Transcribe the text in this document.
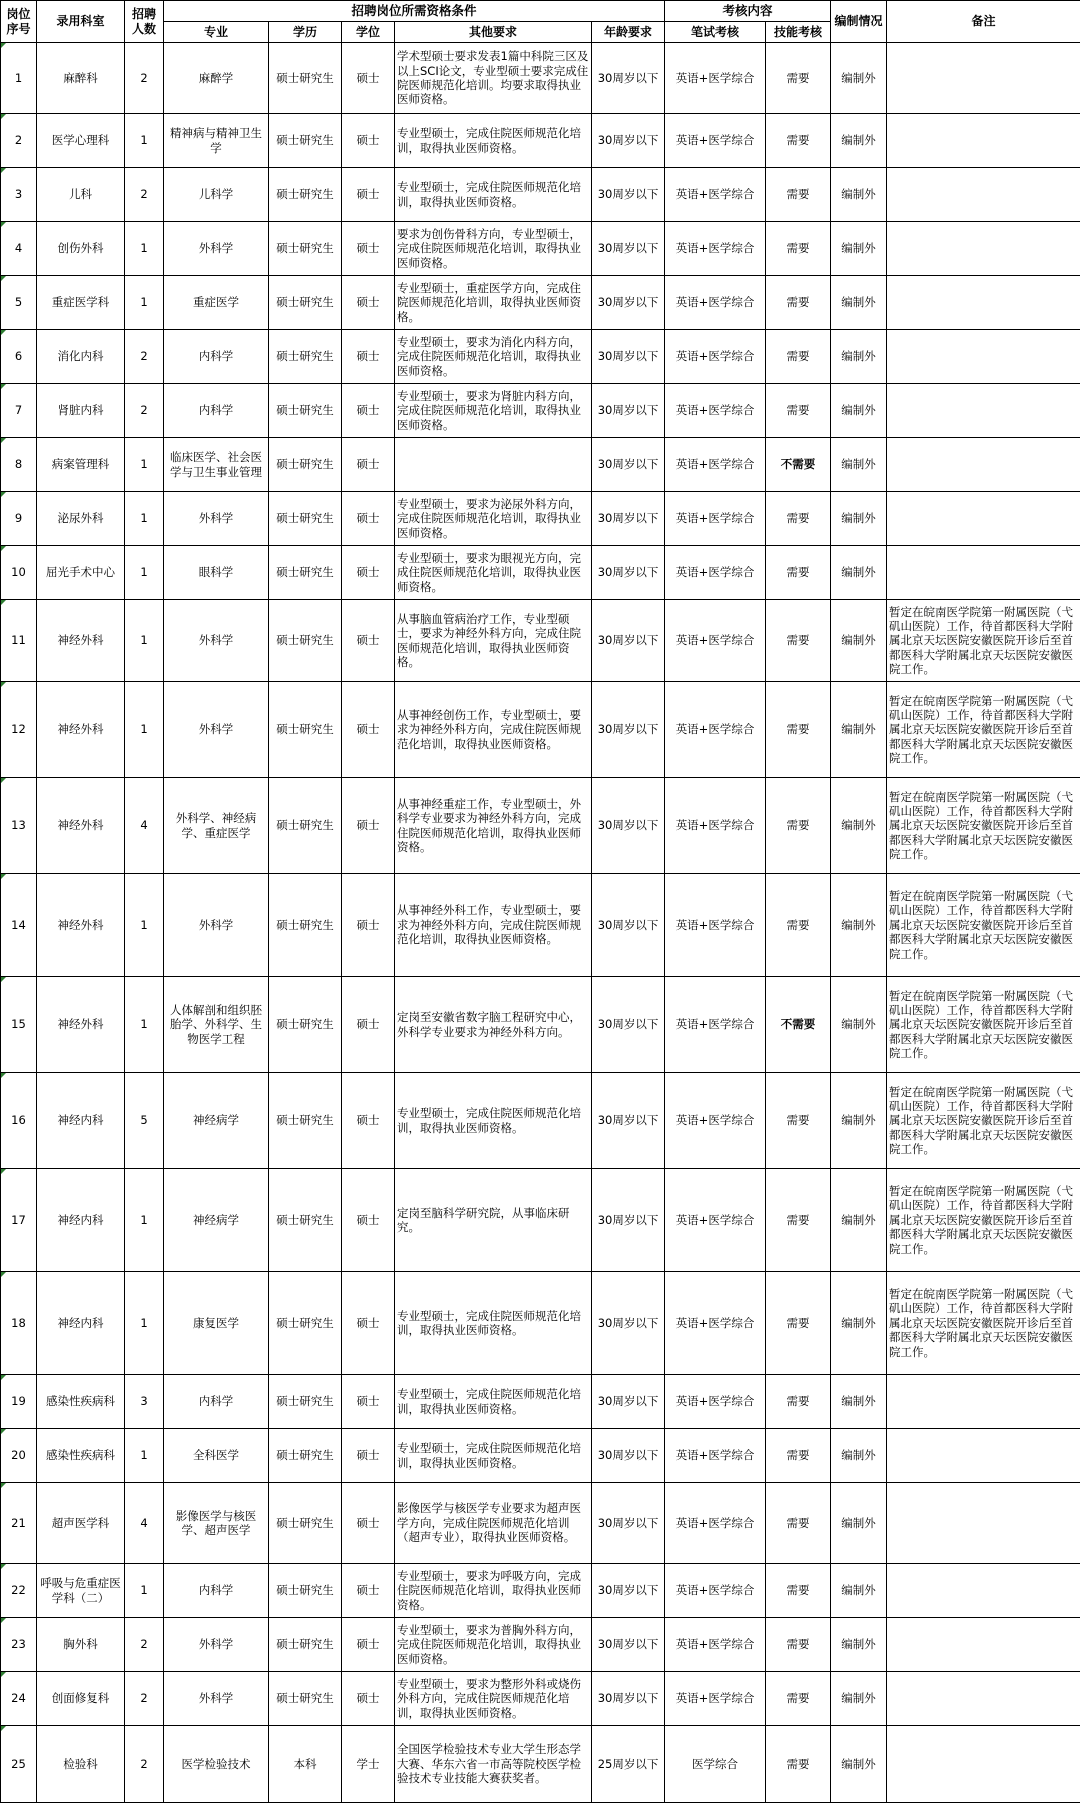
岗位序号	录用科室	招聘人数	招聘岗位所需资格条件					考核内容		编制情况	备注
			专业	学历	学位	其他要求	年龄要求	笔试考核	技能考核		
1	麻醉科	2	麻醉学	硕士研究生	硕士	学术型硕士要求发表1篇中科院三区及以上SCI论文，专业型硕士要求完成住院医师规范化培训。均要求取得执业医师资格。	30周岁以下	英语+医学综合	需要	编制外	
2	医学心理科	1	精神病与精神卫生学	硕士研究生	硕士	专业型硕士，完成住院医师规范化培训，取得执业医师资格。	30周岁以下	英语+医学综合	需要	编制外	
3	儿科	2	儿科学	硕士研究生	硕士	专业型硕士，完成住院医师规范化培训，取得执业医师资格。	30周岁以下	英语+医学综合	需要	编制外	
4	创伤外科	1	外科学	硕士研究生	硕士	要求为创伤骨科方向，专业型硕士，完成住院医师规范化培训，取得执业医师资格。	30周岁以下	英语+医学综合	需要	编制外	
5	重症医学科	1	重症医学	硕士研究生	硕士	专业型硕士，重症医学方向，完成住院医师规范化培训，取得执业医师资格。	30周岁以下	英语+医学综合	需要	编制外	
6	消化内科	2	内科学	硕士研究生	硕士	专业型硕士，要求为消化内科方向，完成住院医师规范化培训，取得执业医师资格。	30周岁以下	英语+医学综合	需要	编制外	
7	肾脏内科	2	内科学	硕士研究生	硕士	专业型硕士，要求为肾脏内科方向，完成住院医师规范化培训，取得执业医师资格。	30周岁以下	英语+医学综合	需要	编制外	
8	病案管理科	1	临床医学、社会医学与卫生事业管理	硕士研究生	硕士		30周岁以下	英语+医学综合	不需要	编制外	
9	泌尿外科	1	外科学	硕士研究生	硕士	专业型硕士，要求为泌尿外科方向，完成住院医师规范化培训，取得执业医师资格。	30周岁以下	英语+医学综合	需要	编制外	
10	屈光手术中心	1	眼科学	硕士研究生	硕士	专业型硕士，要求为眼视光方向，完成住院医师规范化培训，取得执业医师资格。	30周岁以下	英语+医学综合	需要	编制外	
11	神经外科	1	外科学	硕士研究生	硕士	从事脑血管病治疗工作，专业型硕士，要求为神经外科方向，完成住院医师规范化培训，取得执业医师资格。	30周岁以下	英语+医学综合	需要	编制外	暂定在皖南医学院第一附属医院（弋矶山医院）工作，待首都医科大学附属北京天坛医院安徽医院开诊后至首都医科大学附属北京天坛医院安徽医院工作。
12	神经外科	1	外科学	硕士研究生	硕士	从事神经创伤工作，专业型硕士，要求为神经外科方向，完成住院医师规范化培训，取得执业医师资格。	30周岁以下	英语+医学综合	需要	编制外	暂定在皖南医学院第一附属医院（弋矶山医院）工作，待首都医科大学附属北京天坛医院安徽医院开诊后至首都医科大学附属北京天坛医院安徽医院工作。
13	神经外科	4	外科学、神经病学、重症医学	硕士研究生	硕士	从事神经重症工作，专业型硕士，外科学专业要求为神经外科方向，完成住院医师规范化培训，取得执业医师资格。	30周岁以下	英语+医学综合	需要	编制外	暂定在皖南医学院第一附属医院（弋矶山医院）工作，待首都医科大学附属北京天坛医院安徽医院开诊后至首都医科大学附属北京天坛医院安徽医院工作。
14	神经外科	1	外科学	硕士研究生	硕士	从事神经外科工作，专业型硕士，要求为神经外科方向，完成住院医师规范化培训，取得执业医师资格。	30周岁以下	英语+医学综合	需要	编制外	暂定在皖南医学院第一附属医院（弋矶山医院）工作，待首都医科大学附属北京天坛医院安徽医院开诊后至首都医科大学附属北京天坛医院安徽医院工作。
15	神经外科	1	人体解剖和组织胚胎学、外科学、生物医学工程	硕士研究生	硕士	定岗至安徽省数字脑工程研究中心，外科学专业要求为神经外科方向。	30周岁以下	英语+医学综合	不需要	编制外	暂定在皖南医学院第一附属医院（弋矶山医院）工作，待首都医科大学附属北京天坛医院安徽医院开诊后至首都医科大学附属北京天坛医院安徽医院工作。
16	神经内科	5	神经病学	硕士研究生	硕士	专业型硕士，完成住院医师规范化培训，取得执业医师资格。	30周岁以下	英语+医学综合	需要	编制外	暂定在皖南医学院第一附属医院（弋矶山医院）工作，待首都医科大学附属北京天坛医院安徽医院开诊后至首都医科大学附属北京天坛医院安徽医院工作。
17	神经内科	1	神经病学	硕士研究生	硕士	定岗至脑科学研究院，从事临床研究。	30周岁以下	英语+医学综合	需要	编制外	暂定在皖南医学院第一附属医院（弋矶山医院）工作，待首都医科大学附属北京天坛医院安徽医院开诊后至首都医科大学附属北京天坛医院安徽医院工作。
18	神经内科	1	康复医学	硕士研究生	硕士	专业型硕士，完成住院医师规范化培训，取得执业医师资格。	30周岁以下	英语+医学综合	需要	编制外	暂定在皖南医学院第一附属医院（弋矶山医院）工作，待首都医科大学附属北京天坛医院安徽医院开诊后至首都医科大学附属北京天坛医院安徽医院工作。
19	感染性疾病科	3	内科学	硕士研究生	硕士	专业型硕士，完成住院医师规范化培训，取得执业医师资格。	30周岁以下	英语+医学综合	需要	编制外	
20	感染性疾病科	1	全科医学	硕士研究生	硕士	专业型硕士，完成住院医师规范化培训，取得执业医师资格。	30周岁以下	英语+医学综合	需要	编制外	
21	超声医学科	4	影像医学与核医学、超声医学	硕士研究生	硕士	影像医学与核医学专业要求为超声医学方向，完成住院医师规范化培训（超声专业），取得执业医师资格。	30周岁以下	英语+医学综合	需要	编制外	
22	呼吸与危重症医学科（二）	1	内科学	硕士研究生	硕士	专业型硕士，要求为呼吸方向，完成住院医师规范化培训，取得执业医师资格。	30周岁以下	英语+医学综合	需要	编制外	
23	胸外科	2	外科学	硕士研究生	硕士	专业型硕士，要求为普胸外科方向，完成住院医师规范化培训，取得执业医师资格。	30周岁以下	英语+医学综合	需要	编制外	
24	创面修复科	2	外科学	硕士研究生	硕士	专业型硕士，要求为整形外科或烧伤外科方向，完成住院医师规范化培训，取得执业医师资格。	30周岁以下	英语+医学综合	需要	编制外	
25	检验科	2	医学检验技术	本科	学士	全国医学检验技术专业大学生形态学大赛、华东六省一市高等院校医学检验技术专业技能大赛获奖者。	25周岁以下	医学综合	需要	编制外	
